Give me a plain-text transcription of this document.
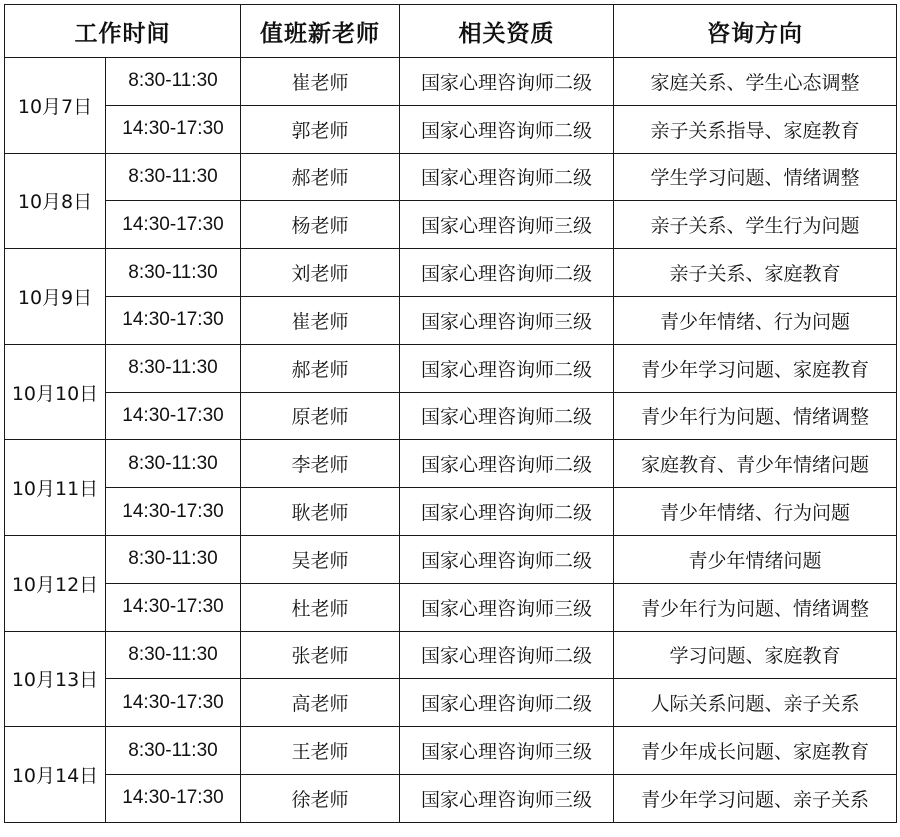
工作时间		值班新老师	相关资质	咨询方向
10月7日	8:30-11:30	崔老师	国家心理咨询师二级	家庭关系、学生心态调整
	14:30-17:30	郭老师	国家心理咨询师二级	亲子关系指导、家庭教育
10月8日	8:30-11:30	郝老师	国家心理咨询师二级	学生学习问题、情绪调整
	14:30-17:30	杨老师	国家心理咨询师三级	亲子关系、学生行为问题
10月9日	8:30-11:30	刘老师	国家心理咨询师二级	亲子关系、家庭教育
	14:30-17:30	崔老师	国家心理咨询师三级	青少年情绪、行为问题
10月10日	8:30-11:30	郝老师	国家心理咨询师二级	青少年学习问题、家庭教育
	14:30-17:30	原老师	国家心理咨询师二级	青少年行为问题、情绪调整
10月11日	8:30-11:30	李老师	国家心理咨询师二级	家庭教育、青少年情绪问题
	14:30-17:30	耿老师	国家心理咨询师二级	青少年情绪、行为问题
10月12日	8:30-11:30	吴老师	国家心理咨询师二级	青少年情绪问题
	14:30-17:30	杜老师	国家心理咨询师三级	青少年行为问题、情绪调整
10月13日	8:30-11:30	张老师	国家心理咨询师二级	学习问题、家庭教育
	14:30-17:30	高老师	国家心理咨询师二级	人际关系问题、亲子关系
10月14日	8:30-11:30	王老师	国家心理咨询师三级	青少年成长问题、家庭教育
	14:30-17:30	徐老师	国家心理咨询师三级	青少年学习问题、亲子关系
